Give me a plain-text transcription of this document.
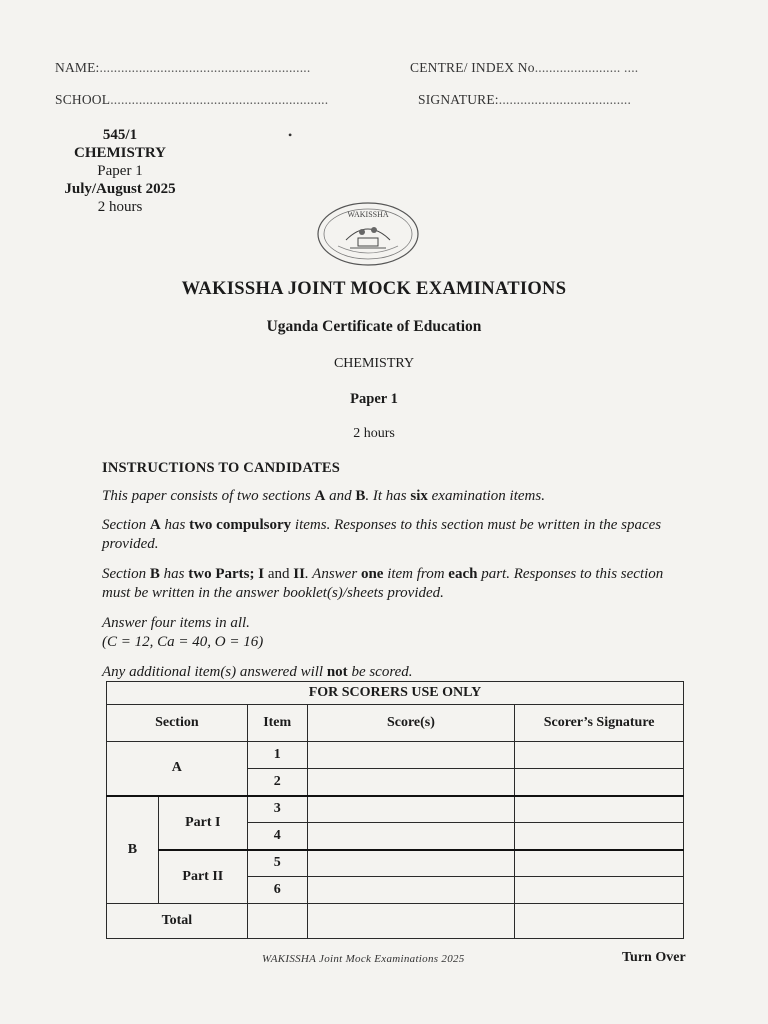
NAME:...........................................................	CENTRE/ INDEX No........................ ....
SCHOOL.............................................................	SIGNATURE:.....................................
545/1
CHEMISTRY
Paper 1
July/August 2025
2 hours
•
WAKISSHA
WAKISSHA JOINT MOCK EXAMINATIONS
Uganda Certificate of Education
CHEMISTRY
Paper 1
2 hours
INSTRUCTIONS TO CANDIDATES
This paper consists of two sections A and B. It has six examination items.
Section A has two compulsory items. Responses to this section must be written in the spaces provided.
Section B has two Parts; I and II. Answer one item from each part. Responses to this section must be written in the answer booklet(s)/sheets provided.
Answer four items in all.
(C = 12, Ca = 40, O = 16)
Any additional item(s) answered will not be scored.
FOR SCORERS USE ONLY				
Section		Item	Score(s)	Scorer’s Signature
A		1		
		2		
B	Part I	3		
		4		
	Part II	5		
		6		
Total				
WAKISSHA Joint Mock Examinations 2025	Turn Over
